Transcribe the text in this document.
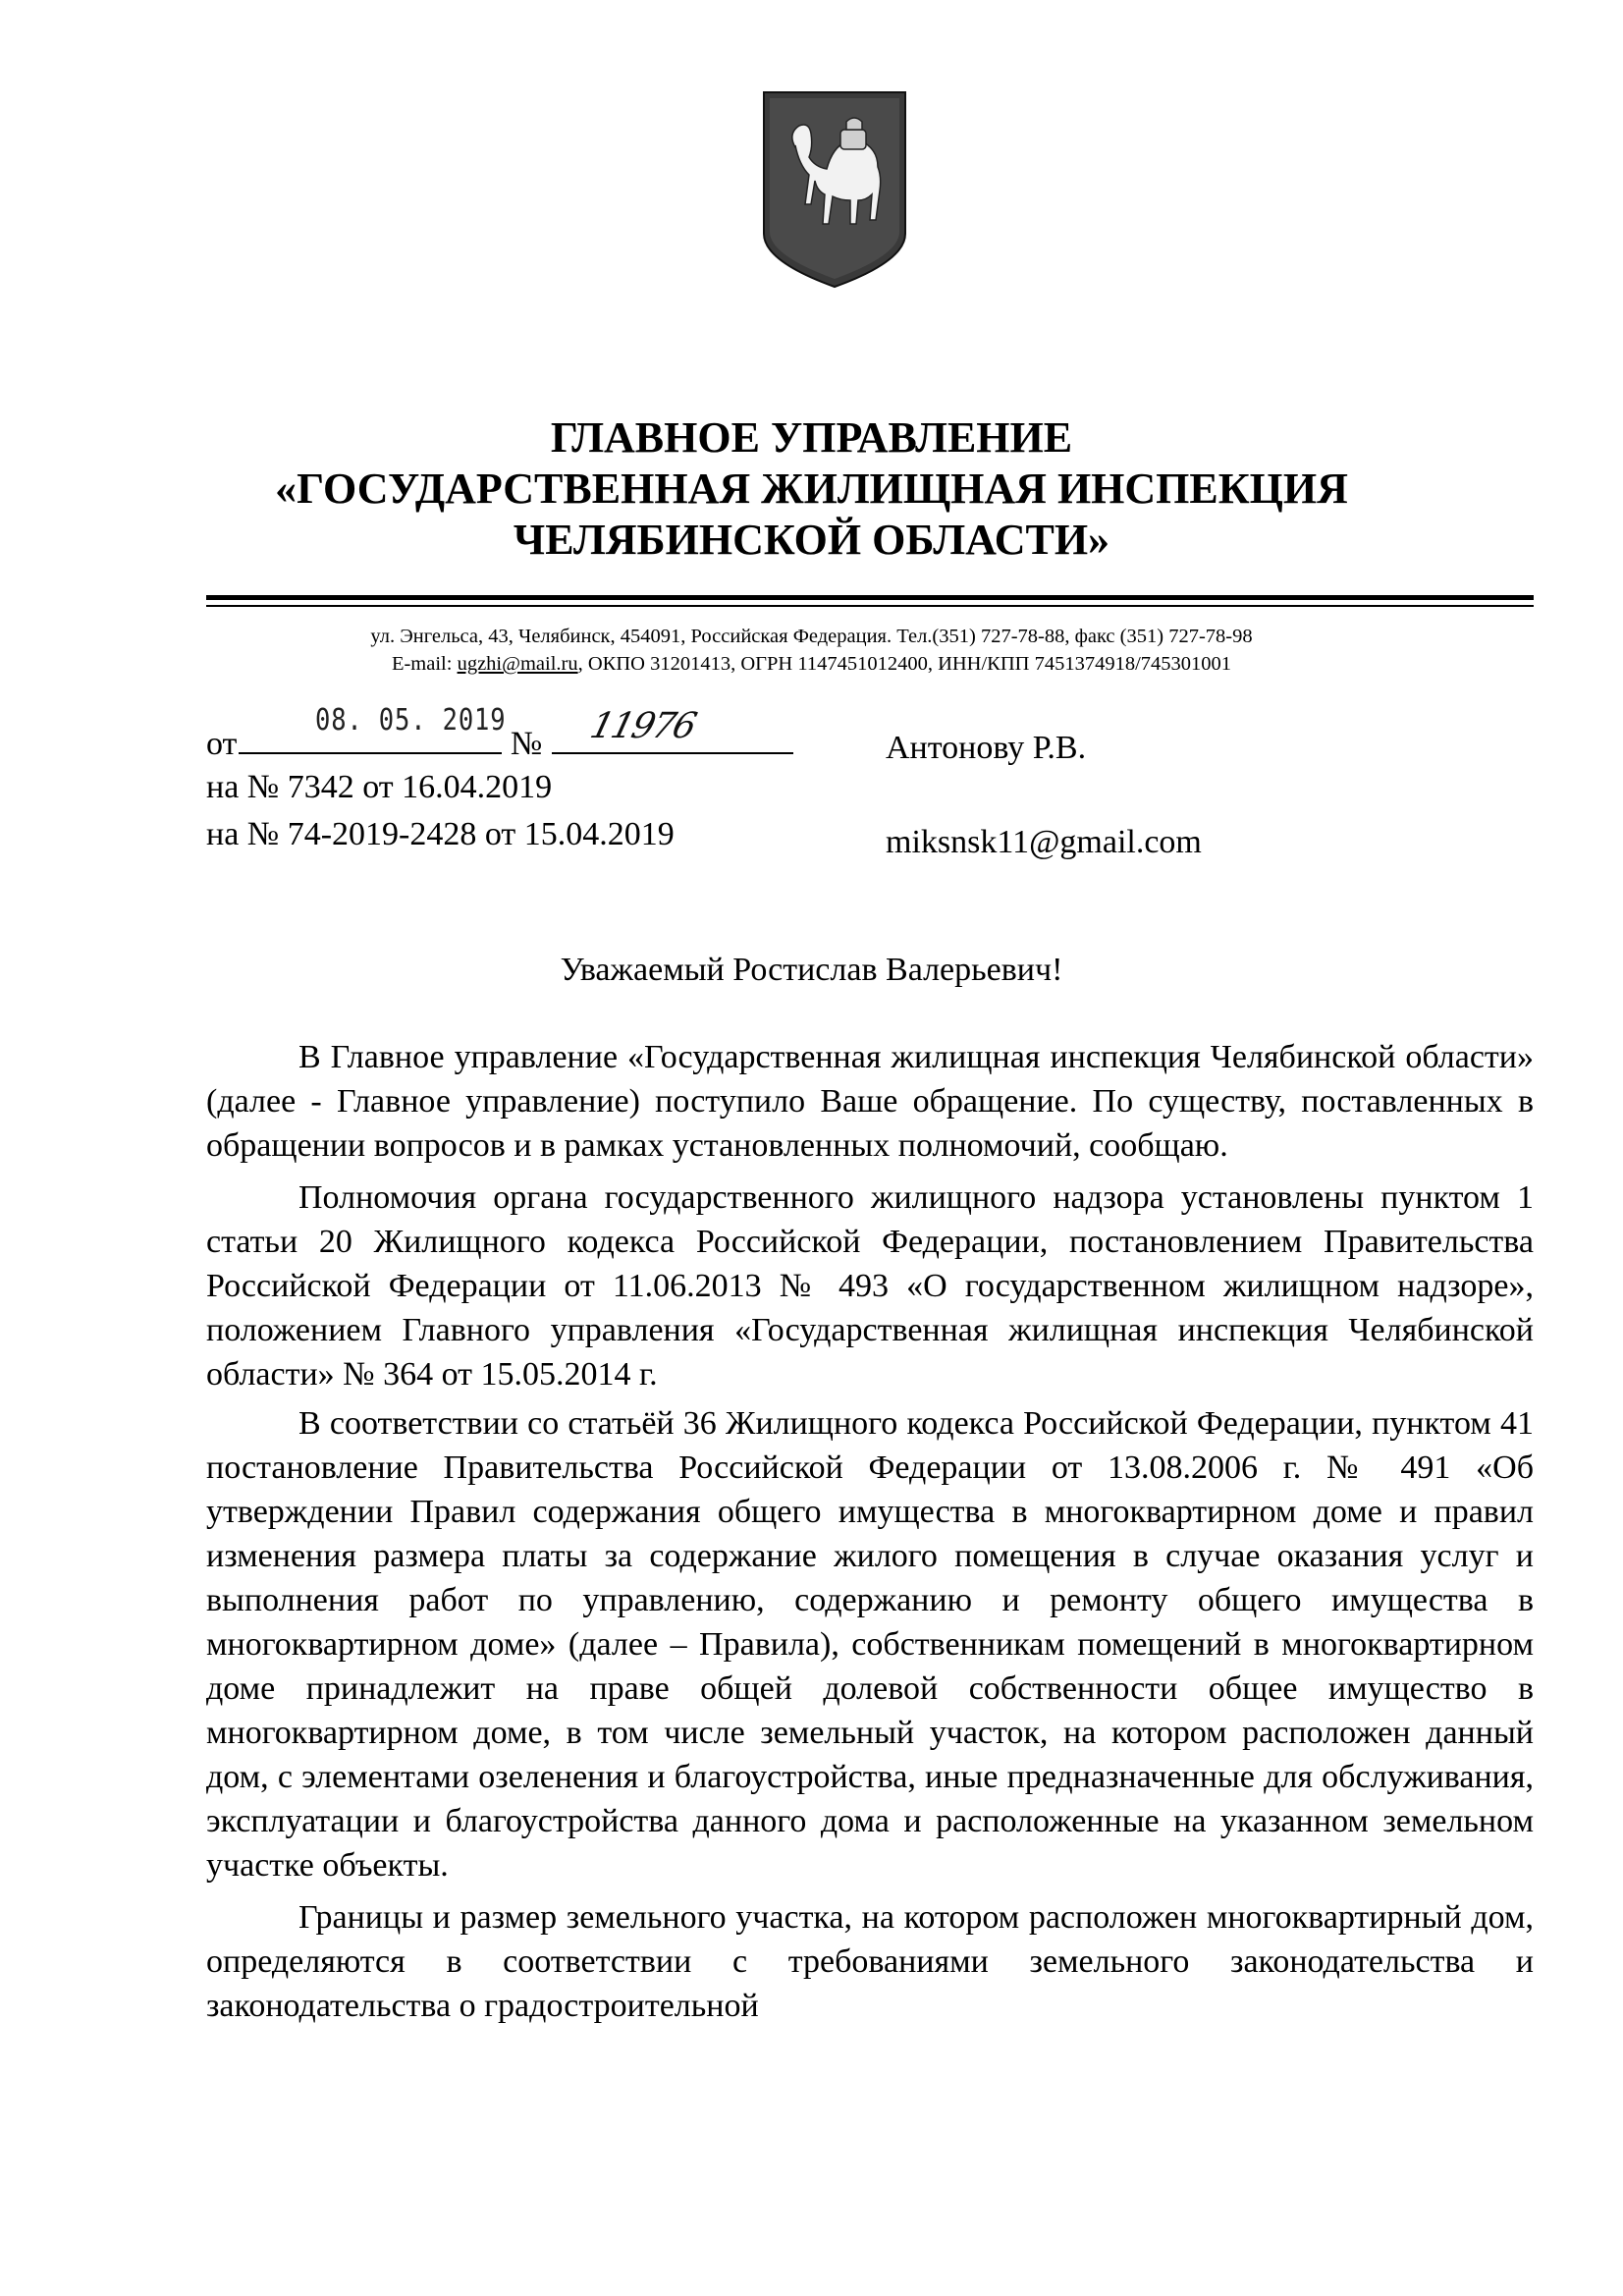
ГЛАВНОЕ УПРАВЛЕНИЕ
«ГОСУДАРСТВЕННАЯ ЖИЛИЩНАЯ ИНСПЕКЦИЯ
ЧЕЛЯБИНСКОЙ ОБЛАСТИ»
ул. Энгельса, 43, Челябинск, 454091, Российская Федерация. Тел.(351) 727-78-88, факс (351) 727-78-98
E-mail: ugzhi@mail.ru, ОКПО 31201413, ОГРН 1147451012400, ИНН/КПП 7451374918/745301001
от
08. 05. 2019
№ 11976
на № 7342 от 16.04.2019
на № 74-2019-2428 от 15.04.2019
Антонову Р.В.
miksnsk11@gmail.com
Уважаемый Ростислав Валерьевич!

В Главное управление «Государственная жилищная инспекция Челябинской области» (далее - Главное управление) поступило Ваше обращение. По существу, поставленных в обращении вопросов и в рамках установленных полномочий, сообщаю.

Полномочия органа государственного жилищного надзора установлены пунктом 1 статьи 20 Жилищного кодекса Российской Федерации, постановлением Правительства Российской Федерации от 11.06.2013 № 493 «О государственном жилищном надзоре», положением Главного управления «Государственная жилищная инспекция Челябинской области» № 364 от 15.05.2014 г.

В соответствии со статьёй 36 Жилищного кодекса Российской Федерации, пунктом 41 постановление Правительства Российской Федерации от 13.08.2006 г. № 491 «Об утверждении Правил содержания общего имущества в многоквартирном доме и правил изменения размера платы за содержание жилого помещения в случае оказания услуг и выполнения работ по управлению, содержанию и ремонту общего имущества в многоквартирном доме» (далее – Правила), собственникам помещений в многоквартирном доме принадлежит на праве общей долевой собственности общее имущество в многоквартирном доме, в том числе земельный участок, на котором расположен данный дом, с элементами озеленения и благоустройства, иные предназначенные для обслуживания, эксплуатации и благоустройства данного дома и расположенные на указанном земельном участке объекты.

Границы и размер земельного участка, на котором расположен многоквартирный дом, определяются в соответствии с требованиями земельного законодательства и законодательства о градостроительной
